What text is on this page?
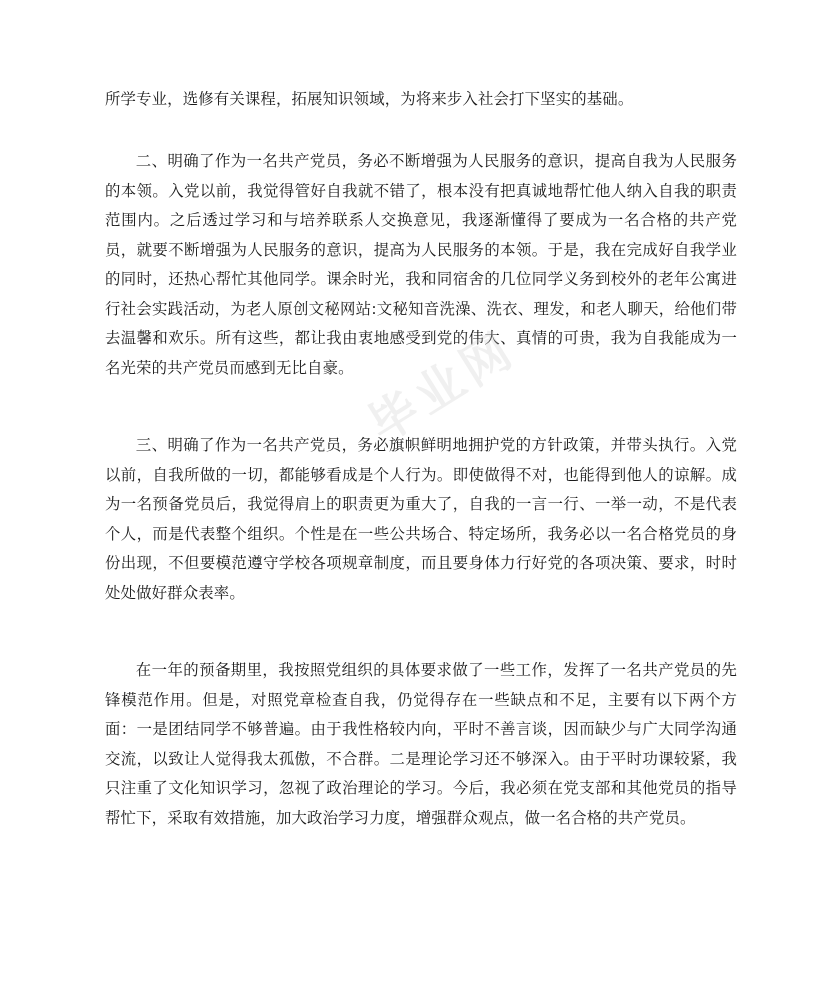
所学专业，选修有关课程，拓展知识领域，为将来步入社会打下坚实的基础。

二、明确了作为一名共产党员，务必不断增强为人民服务的意识，提高自我为人民服务的本领。入党以前，我觉得管好自我就不错了，根本没有把真诚地帮忙他人纳入自我的职责范围内。之后透过学习和与培养联系人交换意见，我逐渐懂得了要成为一名合格的共产党员，就要不断增强为人民服务的意识，提高为人民服务的本领。于是，我在完成好自我学业的同时，还热心帮忙其他同学。课余时光，我和同宿舍的几位同学义务到校外的老年公寓进行社会实践活动，为老人原创文秘网站:文秘知音洗澡、洗衣、理发，和老人聊天，给他们带去温馨和欢乐。所有这些，都让我由衷地感受到党的伟大、真情的可贵，我为自我能成为一名光荣的共产党员而感到无比自豪。

三、明确了作为一名共产党员，务必旗帜鲜明地拥护党的方针政策，并带头执行。入党以前，自我所做的一切，都能够看成是个人行为。即使做得不对，也能得到他人的谅解。成为一名预备党员后，我觉得肩上的职责更为重大了，自我的一言一行、一举一动，不是代表个人，而是代表整个组织。个性是在一些公共场合、特定场所，我务必以一名合格党员的身份出现，不但要模范遵守学校各项规章制度，而且要身体力行好党的各项决策、要求，时时处处做好群众表率。

在一年的预备期里，我按照党组织的具体要求做了一些工作，发挥了一名共产党员的先锋模范作用。但是，对照党章检查自我，仍觉得存在一些缺点和不足，主要有以下两个方面：一是团结同学不够普遍。由于我性格较内向，平时不善言谈，因而缺少与广大同学沟通交流，以致让人觉得我太孤傲，不合群。二是理论学习还不够深入。由于平时功课较紧，我只注重了文化知识学习，忽视了政治理论的学习。今后，我必须在党支部和其他党员的指导帮忙下，采取有效措施，加大政治学习力度，增强群众观点，做一名合格的共产党员。

毕业网
